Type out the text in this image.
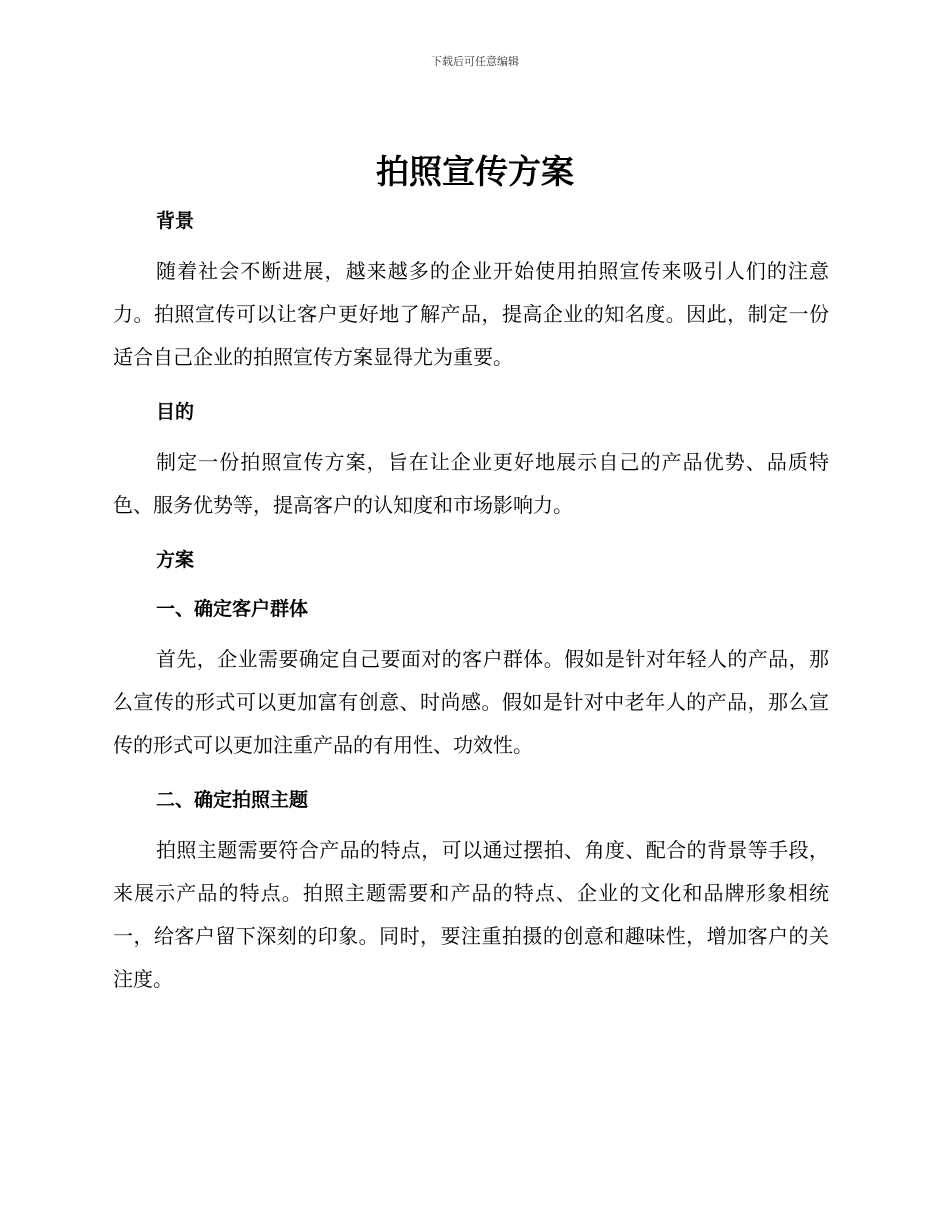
下载后可任意编辑
拍照宣传方案
背景

随着社会不断进展，越来越多的企业开始使用拍照宣传来吸引人们的注意力。拍照宣传可以让客户更好地了解产品，提高企业的知名度。因此，制定一份适合自己企业的拍照宣传方案显得尤为重要。

目的

制定一份拍照宣传方案，旨在让企业更好地展示自己的产品优势、品质特色、服务优势等，提高客户的认知度和市场影响力。

方案
一、确定客户群体

首先，企业需要确定自己要面对的客户群体。假如是针对年轻人的产品，那么宣传的形式可以更加富有创意、时尚感。假如是针对中老年人的产品，那么宣传的形式可以更加注重产品的有用性、功效性。

二、确定拍照主题

拍照主题需要符合产品的特点，可以通过摆拍、角度、配合的背景等手段，来展示产品的特点。拍照主题需要和产品的特点、企业的文化和品牌形象相统一，给客户留下深刻的印象。同时，要注重拍摄的创意和趣味性，增加客户的关注度。
